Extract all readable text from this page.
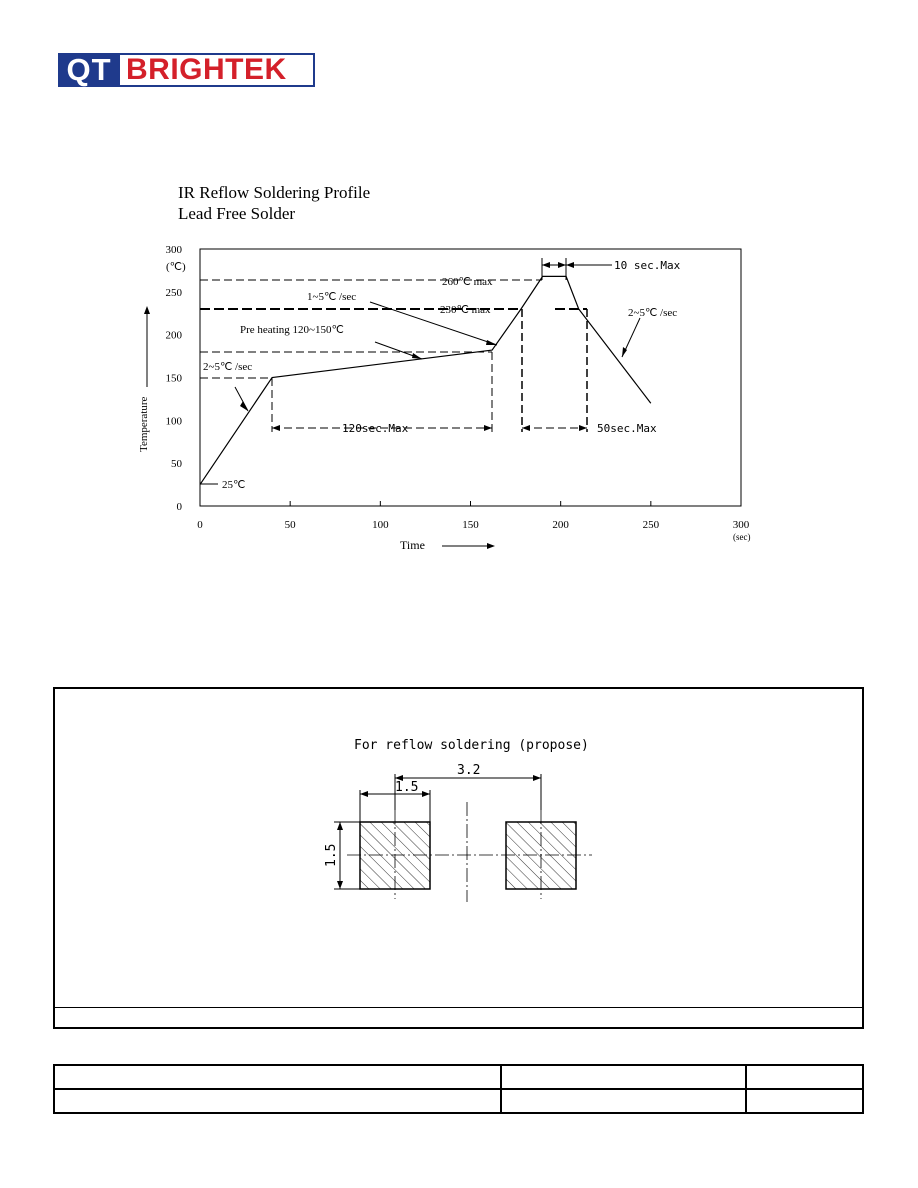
QT BRIGHTEK
IR Reflow Soldering Profile
Lead Free Solder
0
50
100
150
200
250
300
0	50	100	150	200	250	300
(℃)
(sec)
Temperature
Time
25℃
2~5℃ /sec
Pre heating 120~150℃
1~5℃ /sec
260℃ max
230℃ max
10 sec.Max
2~5℃ /sec
120sec.Max	50sec.Max
For reflow soldering (propose)
3.2
1.5
1.5
